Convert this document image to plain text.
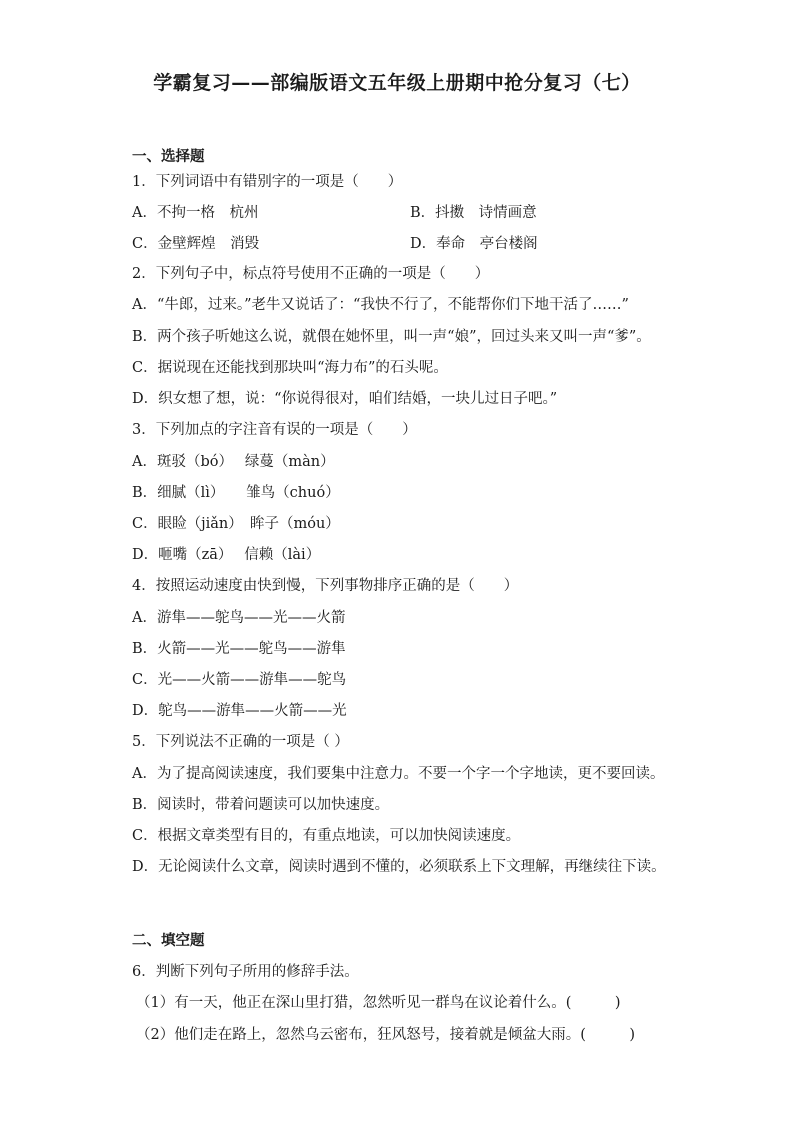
学霸复习——部编版语文五年级上册期中抢分复习（七）
一、选择题
1．下列词语中有错别字的一项是（　　）
A．不拘一格　杭州	B．抖擞　诗情画意
C．金壁辉煌　消毁	D．奉命　亭台楼阁
2．下列句子中，标点符号使用不正确的一项是（　　）
A．“牛郎，过来。”老牛又说话了：“我快不行了，不能帮你们下地干活了……”
B．两个孩子听她这么说，就偎在她怀里，叫一声“娘”，回过头来又叫一声“爹”。
C．据说现在还能找到那块叫“海力布”的石头呢。
D．织女想了想，说：“你说得很对，咱们结婚，一块儿过日子吧。”
3．下列加点的字注音有误的一项是（　　）
A．斑驳（bó）　 绿蔓（màn）
B．细腻（lì）　　雏鸟（chuó）
C．眼睑（jiǎn）　眸子（móu）
D．咂嘴（zā）　 信赖（lài）
4．按照运动速度由快到慢，下列事物排序正确的是（　　）
A．游隼——鸵鸟——光——火箭
B．火箭——光——鸵鸟——游隼
C．光——火箭——游隼——鸵鸟
D．鸵鸟——游隼——火箭——光
5．下列说法不正确的一项是（ ）
A．为了提高阅读速度，我们要集中注意力。不要一个字一个字地读，更不要回读。
B．阅读时，带着问题读可以加快速度。
C．根据文章类型有目的，有重点地读，可以加快阅读速度。
D．无论阅读什么文章，阅读时遇到不懂的，必须联系上下文理解，再继续往下读。
二、填空题
6．判断下列句子所用的修辞手法。
（1）有一天，他正在深山里打猎，忽然听见一群鸟在议论着什么。(　　　)
（2）他们走在路上，忽然乌云密布，狂风怒号，接着就是倾盆大雨。(　　　)
